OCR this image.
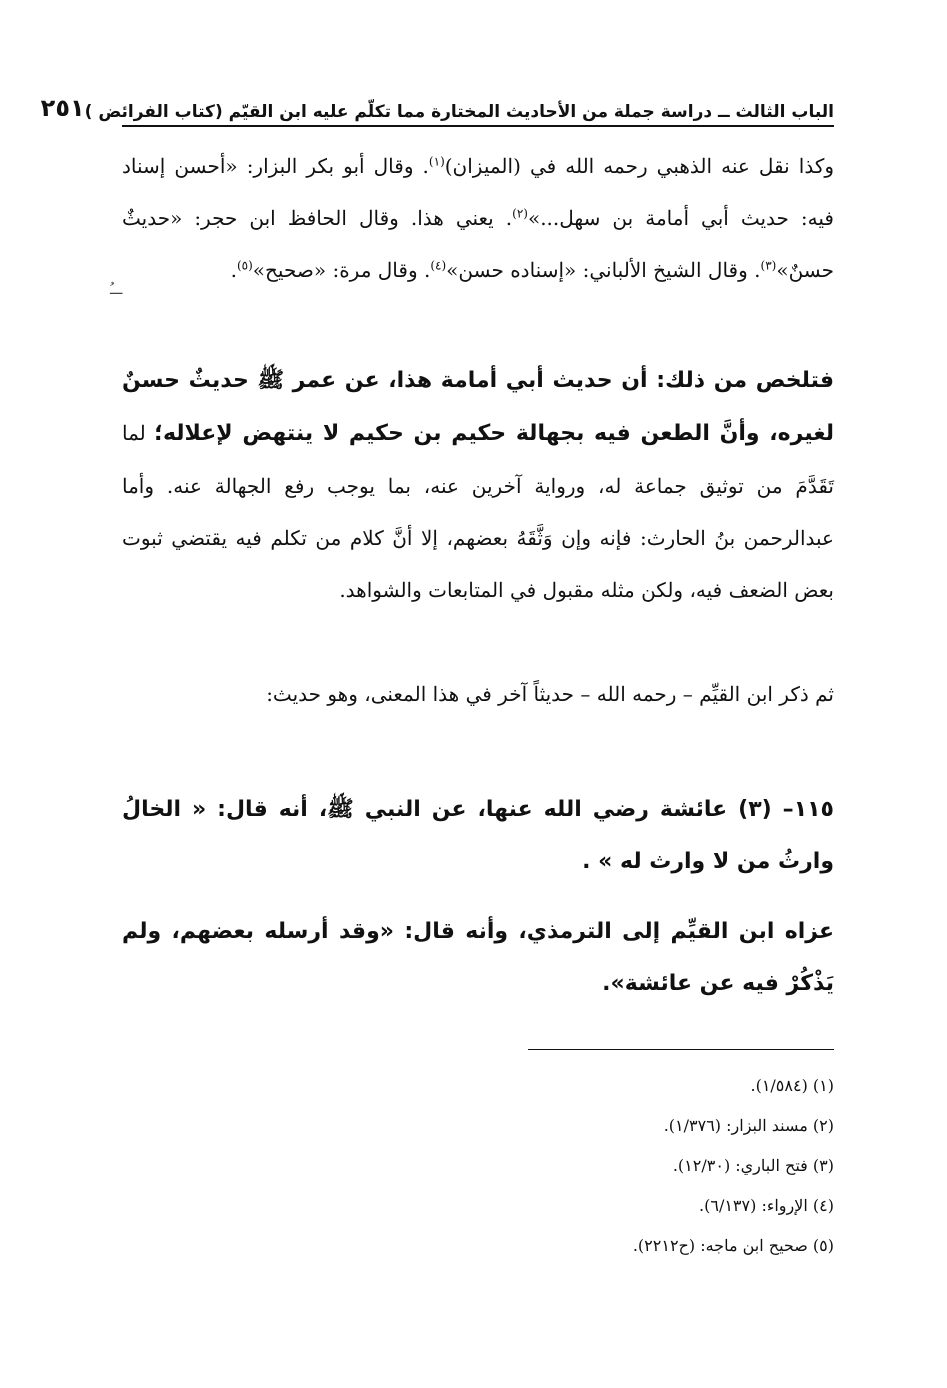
الباب الثالث ــ دراسة جملة من الأحاديث المختارة مما تكلّم عليه ابن القيّم (كتاب الفرائض )
٢٥١
وكذا نقل عنه الذهبي رحمه الله في (الميزان)$^{(١)}$. وقال أبو بكر البزار: «أحسن إسناد فيه: حديث أبي أمامة بن سهل...»$^{(٢)}$. يعني هذا. وقال الحافظ ابن حجر: «حديثٌ حسنٌ»$^{(٣)}$. وقال الشيخ الألباني: «إسناده حسن»$^{(٤)}$. وقال مرة: «صحيح»$^{(٥)}$.
ـــُ
فتلخص من ذلك: أن حديث أبي أمامة هذا، عن عمر ﷺ حديثٌ حسنٌ لغيره، وأنَّ الطعن فيه بجهالة حكيم بن حكيم لا ينتهض لإعلاله؛ لما تَقَدَّمَ من توثيق جماعة له، ورواية آخرين عنه، بما يوجب رفع الجهالة عنه. وأما عبدالرحمن بنُ الحارث: فإنه وإن وَثَّقَهُ بعضهم، إلا أنَّ كلام من تكلم فيه يقتضي ثبوت بعض الضعف فيه، ولكن مثله مقبول في المتابعات والشواهد.
ثم ذكر ابن القيِّم – رحمه الله – حديثاً آخر في هذا المعنى، وهو حديث:
١١٥– (٣) عائشة رضي الله عنها، عن النبي ﷺ، أنه قال: « الخالُ وارثُ من لا وارث له » .
عزاه ابن القيِّم إلى الترمذي، وأنه قال: «وقد أرسله بعضهم، ولم يَذْكُرْ فيه عن عائشة».
(١) (١/٥٨٤).
(٢) مسند البزار: (١/٣٧٦).
(٣) فتح الباري: (١٢/٣٠).
(٤) الإرواء: (٦/١٣٧).
(٥) صحيح ابن ماجه: (ح٢٢١٢).
